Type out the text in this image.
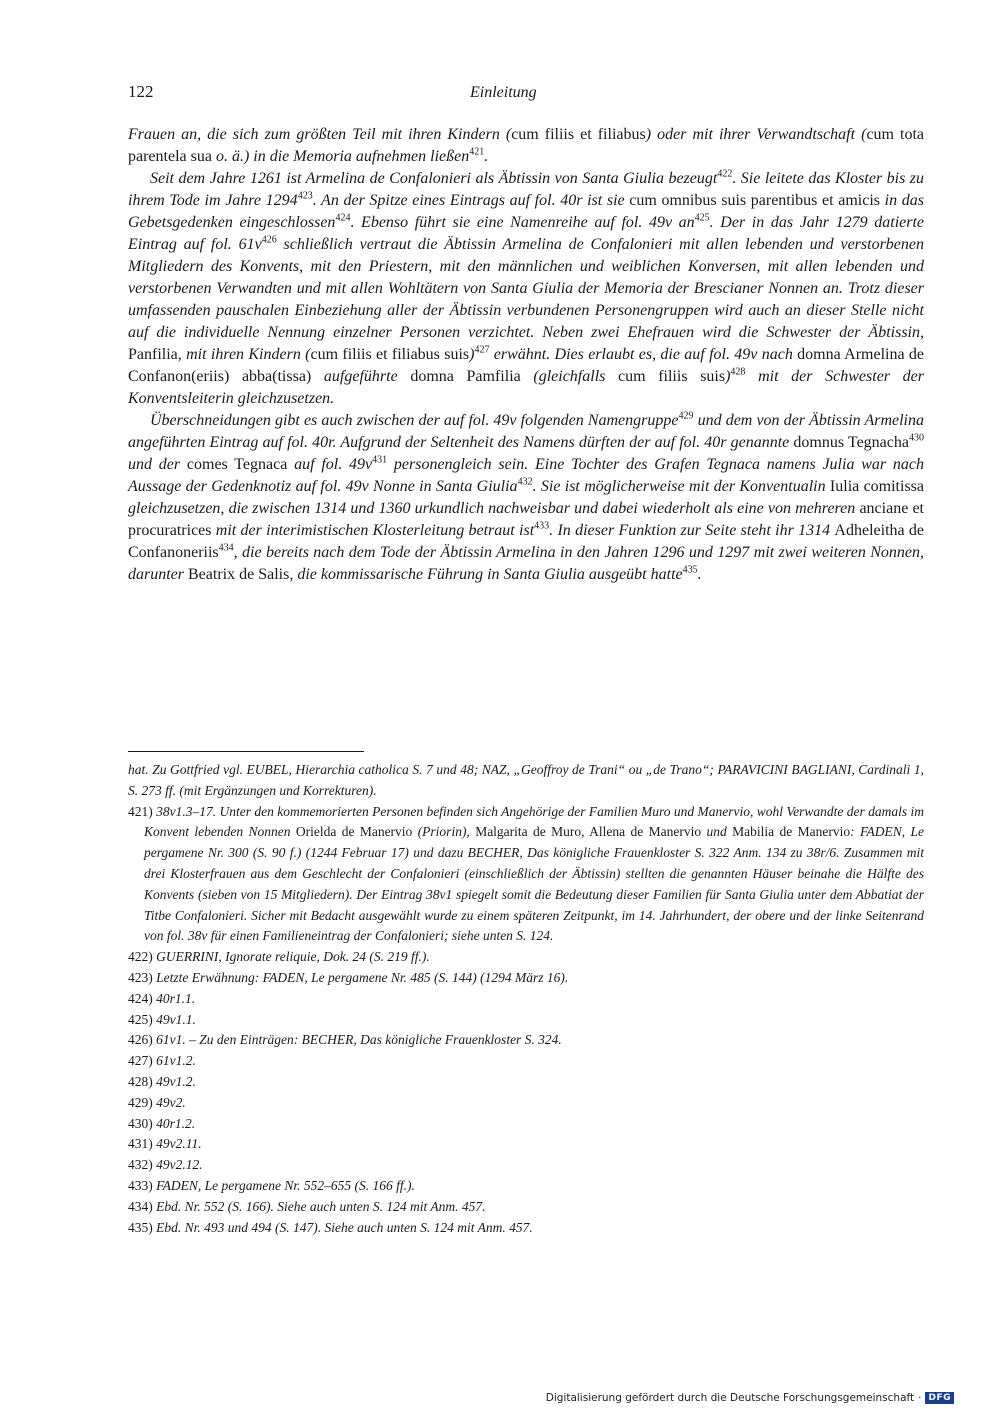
122	Einleitung

Frauen an, die sich zum größten Teil mit ihren Kindern (cum filiis et filiabus) oder mit ihrer Verwandtschaft (cum tota parentela sua o. ä.) in die Memoria aufnehmen ließen$^{421}$.

Seit dem Jahre 1261 ist Armelina de Confalonieri als Äbtissin von Santa Giulia bezeugt$^{422}$. Sie leitete das Kloster bis zu ihrem Tode im Jahre 1294$^{423}$. An der Spitze eines Eintrags auf fol. 40r ist sie cum omnibus suis parentibus et amicis in das Gebetsgedenken eingeschlossen$^{424}$. Ebenso führt sie eine Namenreihe auf fol. 49v $an^{425}$. Der in das Jahr 1279 datierte Eintrag auf fol. $61v^{426}$ schließlich vertraut die Äbtissin Armelina de Confalonieri mit allen lebenden und verstorbenen Mitgliedern des Konvents, mit den Priestern, mit den männlichen und weiblichen Konversen, mit allen lebenden und verstorbenen Verwandten und mit allen Wohltätern von Santa Giulia der Memoria der Brescianer Nonnen an. Trotz dieser umfassenden pauschalen Einbeziehung aller der Äbtissin verbundenen Personengruppen wird auch an dieser Stelle nicht auf die individuelle Nennung einzelner Personen verzichtet. Neben zwei Ehefrauen wird die Schwester der Äbtissin, Panfilia, mit ihren Kindern (cum filiis et filiabus suis)$^{427}$ erwähnt. Dies erlaubt es, die auf fol. 49v nach domna Armelina de Confanon(eriis) abba(tissa) aufgeführte domna Pamfilia (gleichfalls cum filiis suis)$^{428}$ mit der Schwester der Konventsleiterin gleichzusetzen.

Überschneidungen gibt es auch zwischen der auf fol. 49v folgenden Namengruppe$^{429}$ und dem von der Äbtissin Armelina angeführten Eintrag auf fol. 40r. Aufgrund der Seltenheit des Namens dürften der auf fol. 40r genannte domnus Tegnacha$^{430}$ und der comes Tegnaca auf fol. $49v^{431}$ personengleich sein. Eine Tochter des Grafen Tegnaca namens Julia war nach Aussage der Gedenknotiz auf fol. 49v Nonne in Santa Giulia$^{432}$. Sie ist möglicherweise mit der Konventualin Iulia comitissa gleichzusetzen, die zwischen 1314 und 1360 urkundlich nachweisbar und dabei wiederholt als eine von mehreren anciane et procuratrices mit der interimistischen Klosterleitung betraut ist$^{433}$. In dieser Funktion zur Seite steht ihr 1314 Adheleitha de Confanoneriis$^{434}$, die bereits nach dem Tode der Äbtissin Armelina in den Jahren 1296 und 1297 mit zwei weiteren Nonnen, darunter Beatrix de Salis, die kommissarische Führung in Santa Giulia ausgeübt hatte$^{435}$.

hat. Zu Gottfried vgl. EUBEL, Hierarchia catholica S. 7 und 48; NAZ, „Geoffroy de Trani“ ou „de Trano“; PARAVICINI BAGLIANI, Cardinali 1, S. 273 ff. (mit Ergänzungen und Korrekturen).

421) 38v1.3–17. Unter den kommemorierten Personen befinden sich Angehörige der Familien Muro und Manervio, wohl Verwandte der damals im Konvent lebenden Nonnen Orielda de Manervio (Priorin), Malgarita de Muro, Allena de Manervio und Mabilia de Manervio: FADEN, Le pergamene Nr. 300 (S. 90 f.) (1244 Februar 17) und dazu BECHER, Das königliche Frauenkloster S. 322 Anm. 134 zu 38r/6. Zusammen mit drei Klosterfrauen aus dem Geschlecht der Confalonieri (einschließlich der Äbtissin) stellten die genannten Häuser beinahe die Hälfte des Konvents (sieben von 15 Mitgliedern). Der Eintrag 38v1 spiegelt somit die Bedeutung dieser Familien für Santa Giulia unter dem Abbatiat der Titbe Confalonieri. Sicher mit Bedacht ausgewählt wurde zu einem späteren Zeitpunkt, im 14. Jahrhundert, der obere und der linke Seitenrand von fol. 38v für einen Familieneintrag der Confalonieri; siehe unten S. 124.

422) GUERRINI, Ignorate reliquie, Dok. 24 (S. 219 ff.).

423) Letzte Erwähnung: FADEN, Le pergamene Nr. 485 (S. 144) (1294 März 16).

424) 40r1.1.

425) 49v1.1.

426) 61v1. – Zu den Einträgen: BECHER, Das königliche Frauenkloster S. 324.

427) 61v1.2.

428) 49v1.2.

429) 49v2.

430) 40r1.2.

431) 49v2.11.

432) 49v2.12.

433) FADEN, Le pergamene Nr. 552–655 (S. 166 ff.).

434) Ebd. Nr. 552 (S. 166). Siehe auch unten S. 124 mit Anm. 457.

435) Ebd. Nr. 493 und 494 (S. 147). Siehe auch unten S. 124 mit Anm. 457.

Digitalisierung gefördert durch die Deutsche Forschungsgemeinschaft · DFG
